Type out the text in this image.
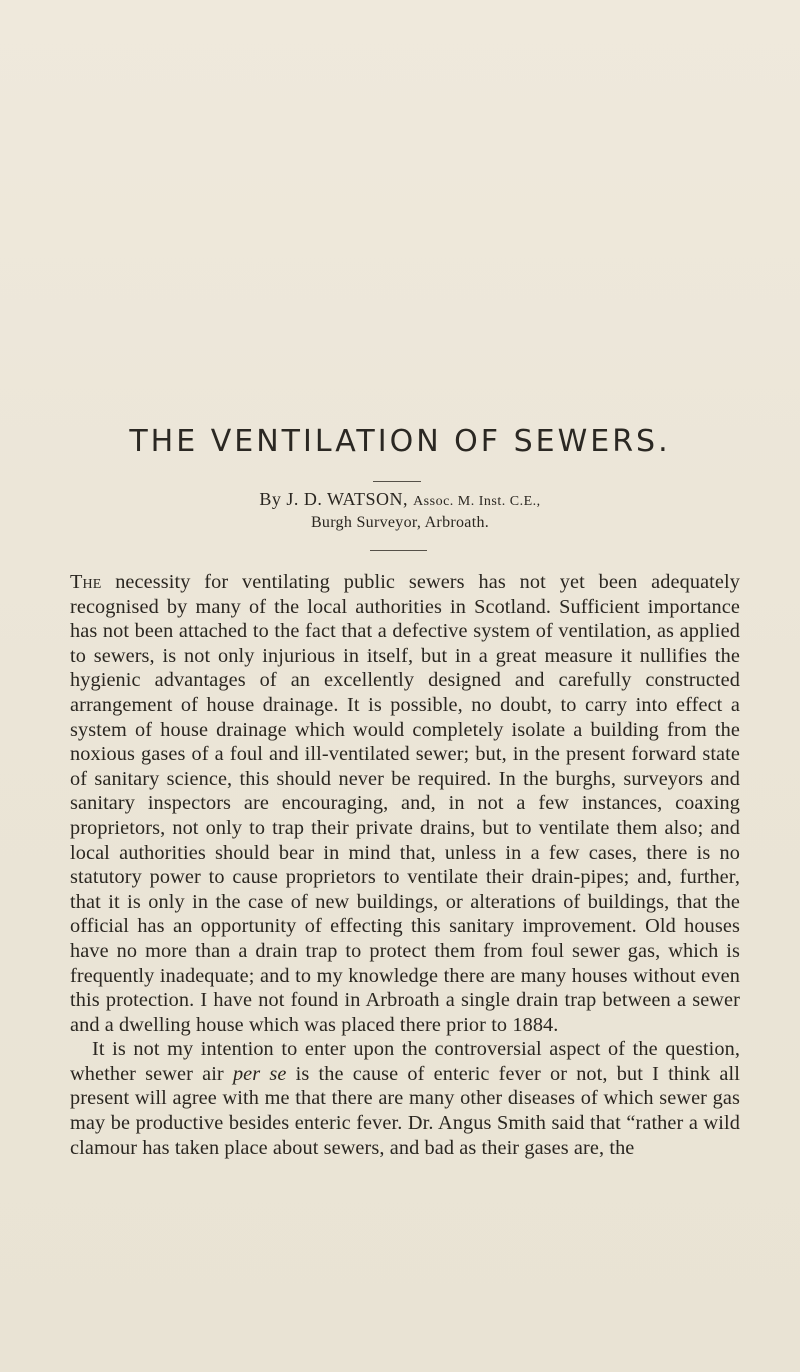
THE VENTILATION OF SEWERS.
By J. D. WATSON, Assoc. M. Inst. C.E.,
Burgh Surveyor, Arbroath.

The necessity for ventilating public sewers has not yet been adequately recognised by many of the local authorities in Scotland. Sufficient importance has not been attached to the fact that a defective system of ventilation, as applied to sewers, is not only injurious in itself, but in a great measure it nullifies the hygienic advantages of an excellently designed and carefully constructed arrangement of house drainage. It is possible, no doubt, to carry into effect a system of house drainage which would completely isolate a building from the noxious gases of a foul and ill-ventilated sewer; but, in the present forward state of sanitary science, this should never be required. In the burghs, surveyors and sanitary inspectors are encouraging, and, in not a few instances, coaxing proprietors, not only to trap their private drains, but to ventilate them also; and local authorities should bear in mind that, unless in a few cases, there is no statutory power to cause proprietors to ventilate their drain-pipes; and, further, that it is only in the case of new buildings, or alterations of buildings, that the official has an opportunity of effecting this sanitary improvement. Old houses have no more than a drain trap to protect them from foul sewer gas, which is frequently inadequate; and to my knowledge there are many houses without even this protection. I have not found in Arbroath a single drain trap between a sewer and a dwelling house which was placed there prior to 1884.

It is not my intention to enter upon the controversial aspect of the question, whether sewer air per se is the cause of enteric fever or not, but I think all present will agree with me that there are many other diseases of which sewer gas may be productive besides enteric fever. Dr. Angus Smith said that “rather a wild clamour has taken place about sewers, and bad as their gases are, the
